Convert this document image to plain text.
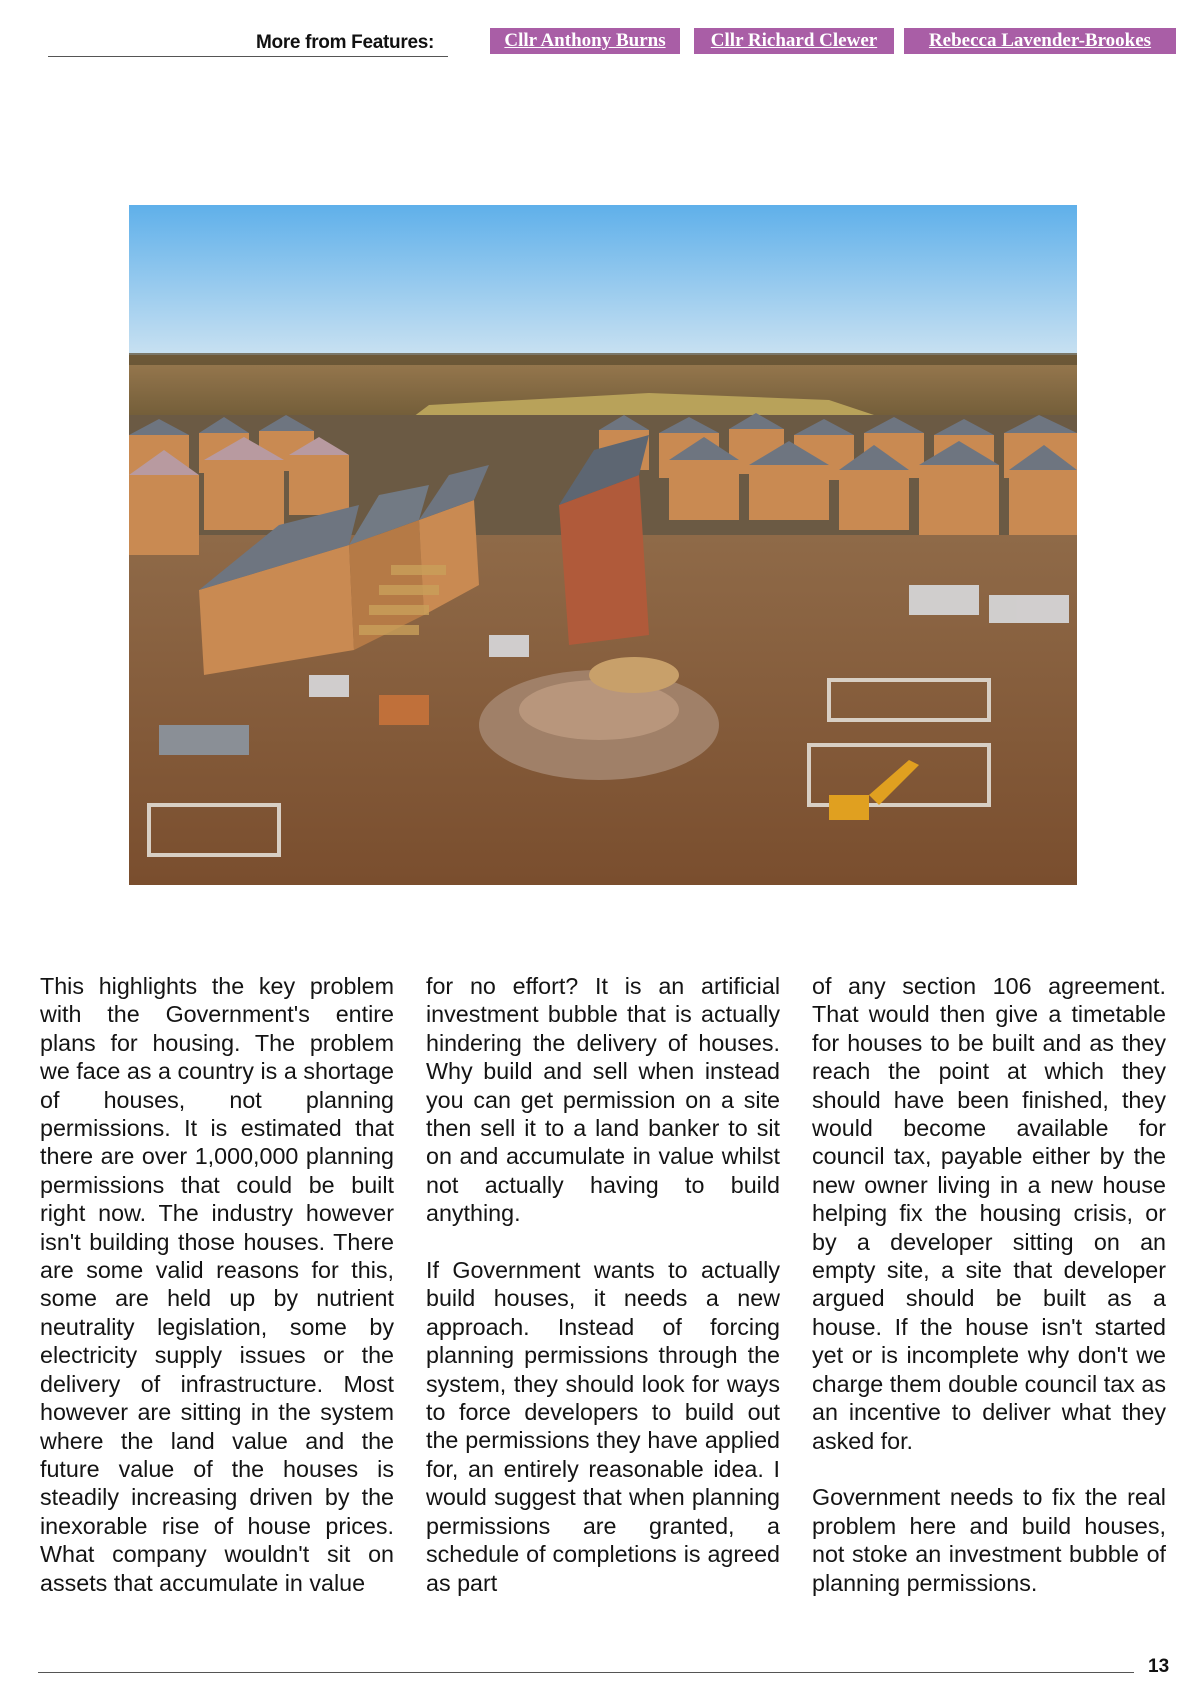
More from Features:	Cllr Anthony Burns	Cllr Richard Clewer	Rebecca Lavender-Brookes

This highlights the key problem with the Government's entire plans for housing. The problem we face as a country is a shortage of houses, not planning permissions. It is estimated that there are over 1,000,000 planning permissions that could be built right now. The industry however isn't building those houses. There are some valid reasons for this, some are held up by nutrient neutrality legislation, some by electricity supply issues or the delivery of infrastructure. Most however are sitting in the system where the land value and the future value of the houses is steadily increasing driven by the inexorable rise of house prices. What company wouldn't sit on assets that accumulate in value

for no effort? It is an artificial investment bubble that is actually hindering the delivery of houses. Why build and sell when instead you can get permission on a site then sell it to a land banker to sit on and accumulate in value whilst not actually having to build anything.

If Government wants to actually build houses, it needs a new approach. Instead of forcing planning permissions through the system, they should look for ways to force developers to build out the permissions they have applied for, an entirely reasonable idea. I would suggest that when planning permissions are granted, a schedule of completions is agreed as part

of any section 106 agreement. That would then give a timetable for houses to be built and as they reach the point at which they should have been finished, they would become available for council tax, payable either by the new owner living in a new house helping fix the housing crisis, or by a developer sitting on an empty site, a site that developer argued should be built as a house. If the house isn't started yet or is incomplete why don't we charge them double council tax as an incentive to deliver what they asked for.

Government needs to fix the real problem here and build houses, not stoke an investment bubble of planning permissions.

13
